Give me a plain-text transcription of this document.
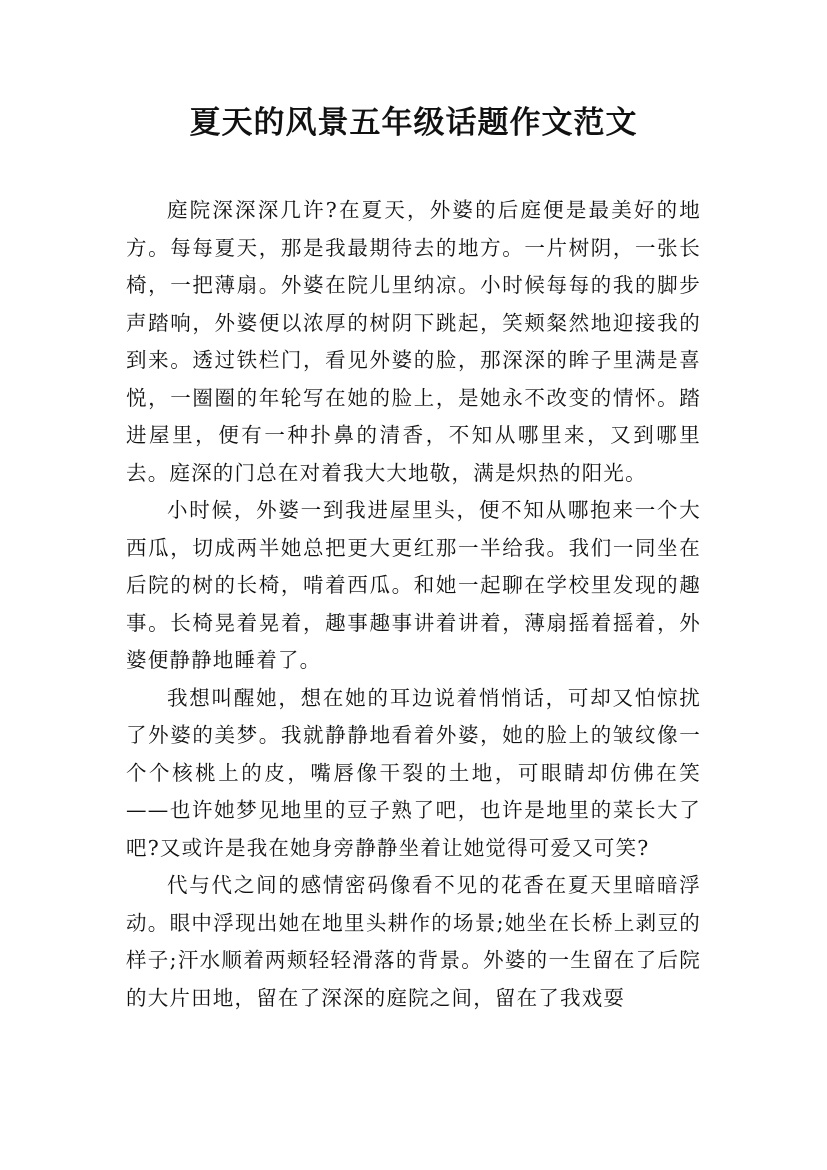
夏天的风景五年级话题作文范文

庭院深深深几许?在夏天，外婆的后庭便是最美好的地方。每每夏天，那是我最期待去的地方。一片树阴，一张长椅，一把薄扇。外婆在院儿里纳凉。小时候每每的我的脚步声踏响，外婆便以浓厚的树阴下跳起，笑颊粲然地迎接我的到来。透过铁栏门，看见外婆的脸，那深深的眸子里满是喜悦，一圈圈的年轮写在她的脸上，是她永不改变的情怀。踏进屋里，便有一种扑鼻的清香，不知从哪里来，又到哪里去。庭深的门总在对着我大大地敬，满是炽热的阳光。

小时候，外婆一到我进屋里头，便不知从哪抱来一个大西瓜，切成两半她总把更大更红那一半给我。我们一同坐在后院的树的长椅，啃着西瓜。和她一起聊在学校里发现的趣事。长椅晃着晃着，趣事趣事讲着讲着，薄扇摇着摇着，外婆便静静地睡着了。

我想叫醒她，想在她的耳边说着悄悄话，可却又怕惊扰了外婆的美梦。我就静静地看着外婆，她的脸上的皱纹像一个个核桃上的皮，嘴唇像干裂的土地，可眼睛却仿佛在笑——也许她梦见地里的豆子熟了吧，也许是地里的菜长大了吧?又或许是我在她身旁静静坐着让她觉得可爱又可笑?

代与代之间的感情密码像看不见的花香在夏天里暗暗浮动。眼中浮现出她在地里头耕作的场景;她坐在长桥上剥豆的样子;汗水顺着两颊轻轻滑落的背景。外婆的一生留在了后院的大片田地，留在了深深的庭院之间，留在了我戏耍
